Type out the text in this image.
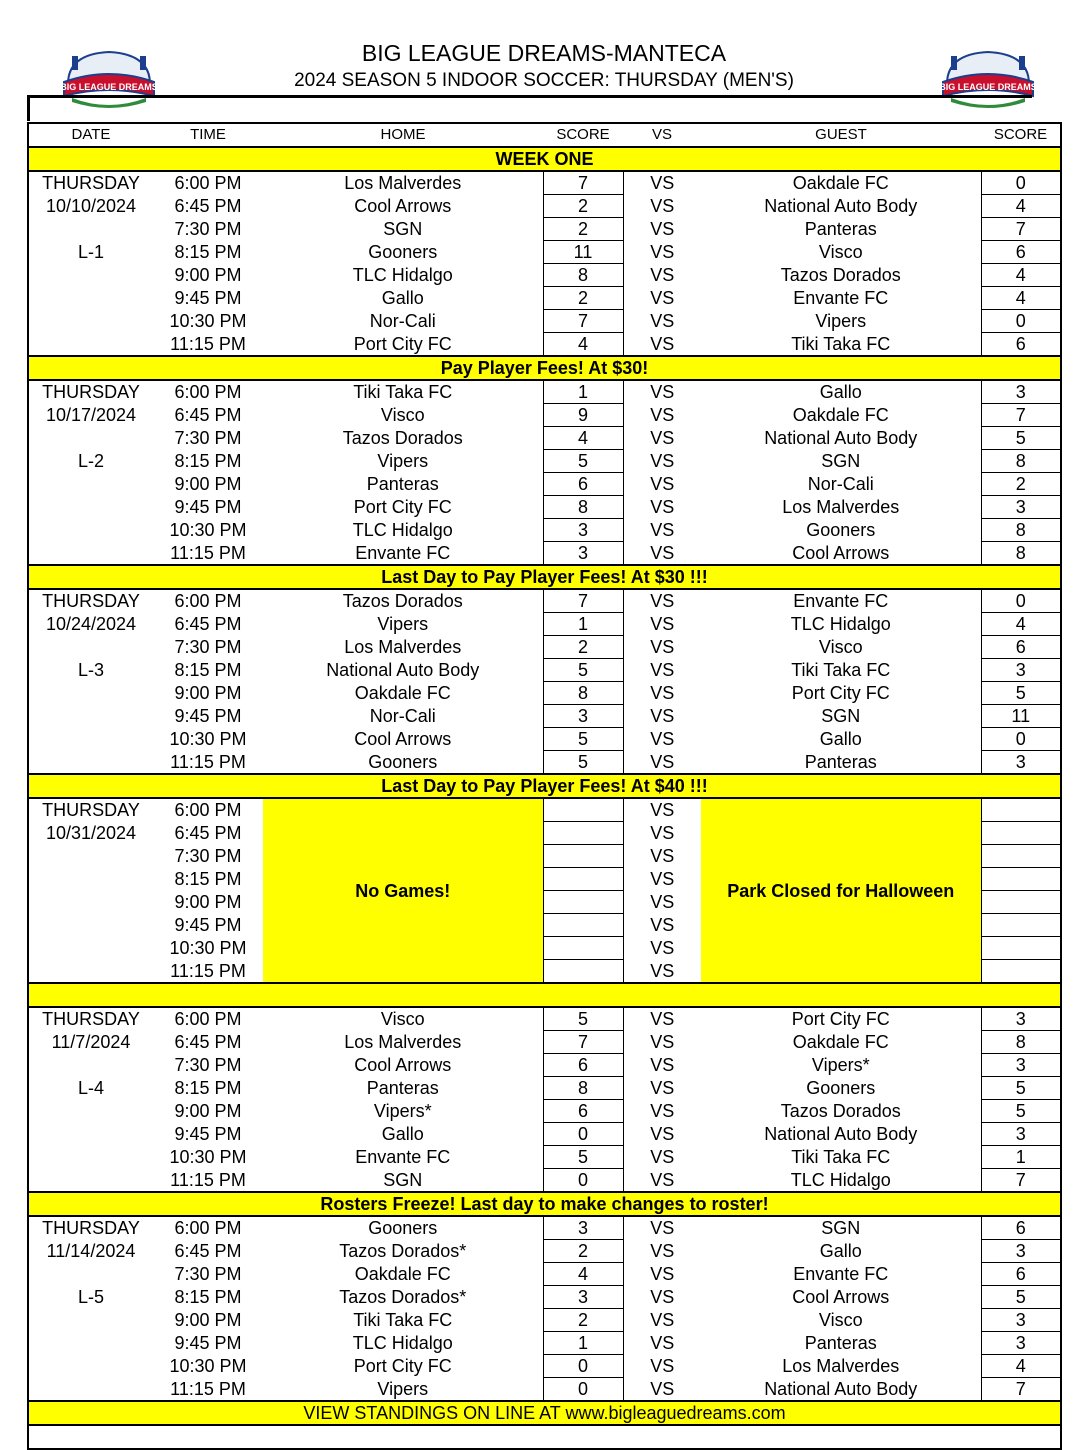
BIG LEAGUE DREAMS	BIG LEAGUE DREAMS
BIG LEAGUE DREAMS-MANTECA
2024 SEASON 5 INDOOR SOCCER: THURSDAY (MEN'S)
DATE	TIME	HOME	SCORE	VS	GUEST	SCORE
WEEK ONE						
THURSDAY	6:00 PM	Los Malverdes	7	VS	Oakdale FC	0
10/10/2024	6:45 PM	Cool Arrows	2	VS	National Auto Body	4
	7:30 PM	SGN	2	VS	Panteras	7
L-1	8:15 PM	Gooners	11	VS	Visco	6
	9:00 PM	TLC Hidalgo	8	VS	Tazos Dorados	4
	9:45 PM	Gallo	2	VS	Envante FC	4
	10:30 PM	Nor-Cali	7	VS	Vipers	0
	11:15 PM	Port City FC	4	VS	Tiki Taka FC	6
Pay Player Fees! At $30!						
THURSDAY	6:00 PM	Tiki Taka FC	1	VS	Gallo	3
10/17/2024	6:45 PM	Visco	9	VS	Oakdale FC	7
	7:30 PM	Tazos Dorados	4	VS	National Auto Body	5
L-2	8:15 PM	Vipers	5	VS	SGN	8
	9:00 PM	Panteras	6	VS	Nor-Cali	2
	9:45 PM	Port City FC	8	VS	Los Malverdes	3
	10:30 PM	TLC Hidalgo	3	VS	Gooners	8
	11:15 PM	Envante FC	3	VS	Cool Arrows	8
Last Day to Pay Player Fees! At $30 !!!						
THURSDAY	6:00 PM	Tazos Dorados	7	VS	Envante FC	0
10/24/2024	6:45 PM	Vipers	1	VS	TLC Hidalgo	4
	7:30 PM	Los Malverdes	2	VS	Visco	6
L-3	8:15 PM	National Auto Body	5	VS	Tiki Taka FC	3
	9:00 PM	Oakdale FC	8	VS	Port City FC	5
	9:45 PM	Nor-Cali	3	VS	SGN	11
	10:30 PM	Cool Arrows	5	VS	Gallo	0
	11:15 PM	Gooners	5	VS	Panteras	3
Last Day to Pay Player Fees! At $40 !!!						
THURSDAY	6:00 PM	No Games!		VS	Park Closed for Halloween	
10/31/2024	6:45 PM			VS		
	7:30 PM			VS		
	8:15 PM			VS		
	9:00 PM			VS		
	9:45 PM			VS		
	10:30 PM			VS		
	11:15 PM			VS		

THURSDAY	6:00 PM	Visco	5	VS	Port City FC	3
11/7/2024	6:45 PM	Los Malverdes	7	VS	Oakdale FC	8
	7:30 PM	Cool Arrows	6	VS	Vipers*	3
L-4	8:15 PM	Panteras	8	VS	Gooners	5
	9:00 PM	Vipers*	6	VS	Tazos Dorados	5
	9:45 PM	Gallo	0	VS	National Auto Body	3
	10:30 PM	Envante FC	5	VS	Tiki Taka FC	1
	11:15 PM	SGN	0	VS	TLC Hidalgo	7
Rosters Freeze! Last day to make changes to roster!						
THURSDAY	6:00 PM	Gooners	3	VS	SGN	6
11/14/2024	6:45 PM	Tazos Dorados*	2	VS	Gallo	3
	7:30 PM	Oakdale FC	4	VS	Envante FC	6
L-5	8:15 PM	Tazos Dorados*	3	VS	Cool Arrows	5
	9:00 PM	Tiki Taka FC	2	VS	Visco	3
	9:45 PM	TLC Hidalgo	1	VS	Panteras	3
	10:30 PM	Port City FC	0	VS	Los Malverdes	4
	11:15 PM	Vipers	0	VS	National Auto Body	7
VIEW STANDINGS ON LINE AT www.bigleaguedreams.com						
